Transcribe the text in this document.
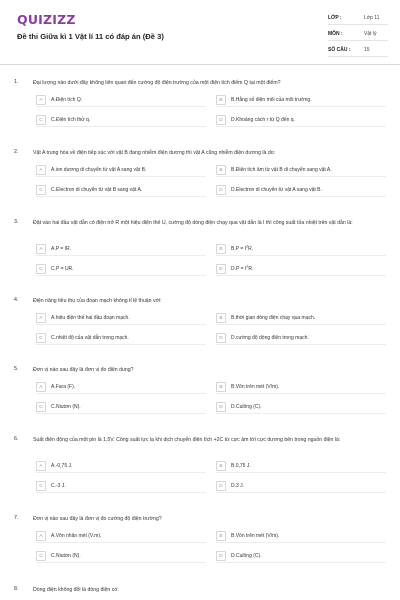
QUIZIZZ
Đề thi Giữa kì 1 Vật lí 11 có đáp án (Đề 3)
LỚP :	Lớp 11
MÔN :	Vật lý
SỐ CÂU :	15
1.	Đại lượng nào dưới đây không liên quan đến cường độ điện trường của một điện tích điểm Q tại một điểm?
A	A.Điện tích Q.	B	B.Hằng số điện môi của môi trường.
C	C.Điện tích thử q.	D	D.Khoảng cách r từ Q đến q.
2.	Vật A trung hòa về điện tiếp xúc với vật B đang nhiễm điện dương thì vật A cũng nhiễm điện dương là do:
A	A.ion dương di chuyển từ vật A sang vật B.	B	B.Điện tích âm từ vật B di chuyển sang vật A.
C	C.Electron di chuyển từ vật B sang vật A.	D	D.Electron di chuyển từ vật A sang vật B.
3.	Đặt vào hai đầu vật dẫn có điện trở R một hiệu điện thế U, cường độ dòng điện chạy qua vật dẫn là I thì công suất tỏa nhiệt trên vật dẫn là:
A	A.P = IR.	B	$B.P = I^2R$.
C	C.P = UR.	D	$D.P = I^2R$.
4.	Điện năng tiêu thụ của đoạn mạch không tỉ lệ thuận với:
A	A.hiệu điện thế hai đầu đoạn mạch.	B	B.thời gian dòng điện chạy qua mạch.
C	C.nhiệt độ của vật dẫn trong mạch.	D	D.cường độ dòng điện trong mạch.
5.	Đơn vị nào sau đây là đơn vị đo điện dung?
A	A.Fara (F).	B	B.Vôn trên mét (V/m).
C	C.Niutơn (N).	D	D.Culông (C).
6.	Suất điện động của một pin là 1,5V. Công suất lực lạ khi dịch chuyển điện tích +2C từ cực âm tới cực dương bên trong nguồn điện là:
A	A.-0,75 J.	B	B.0,75 J.
C	C.-3 J.	D	D.3 J.
7.	Đơn vị nào sau đây là đơn vị đo cường độ điện trường?
A	A.Vôn nhân mét (V.m).	B	B.Vôn trên mét (V/m).
C	C.Niutơn (N).	D	D.Culông (C).
8.	Dòng điện không đổi là dòng điện có:
